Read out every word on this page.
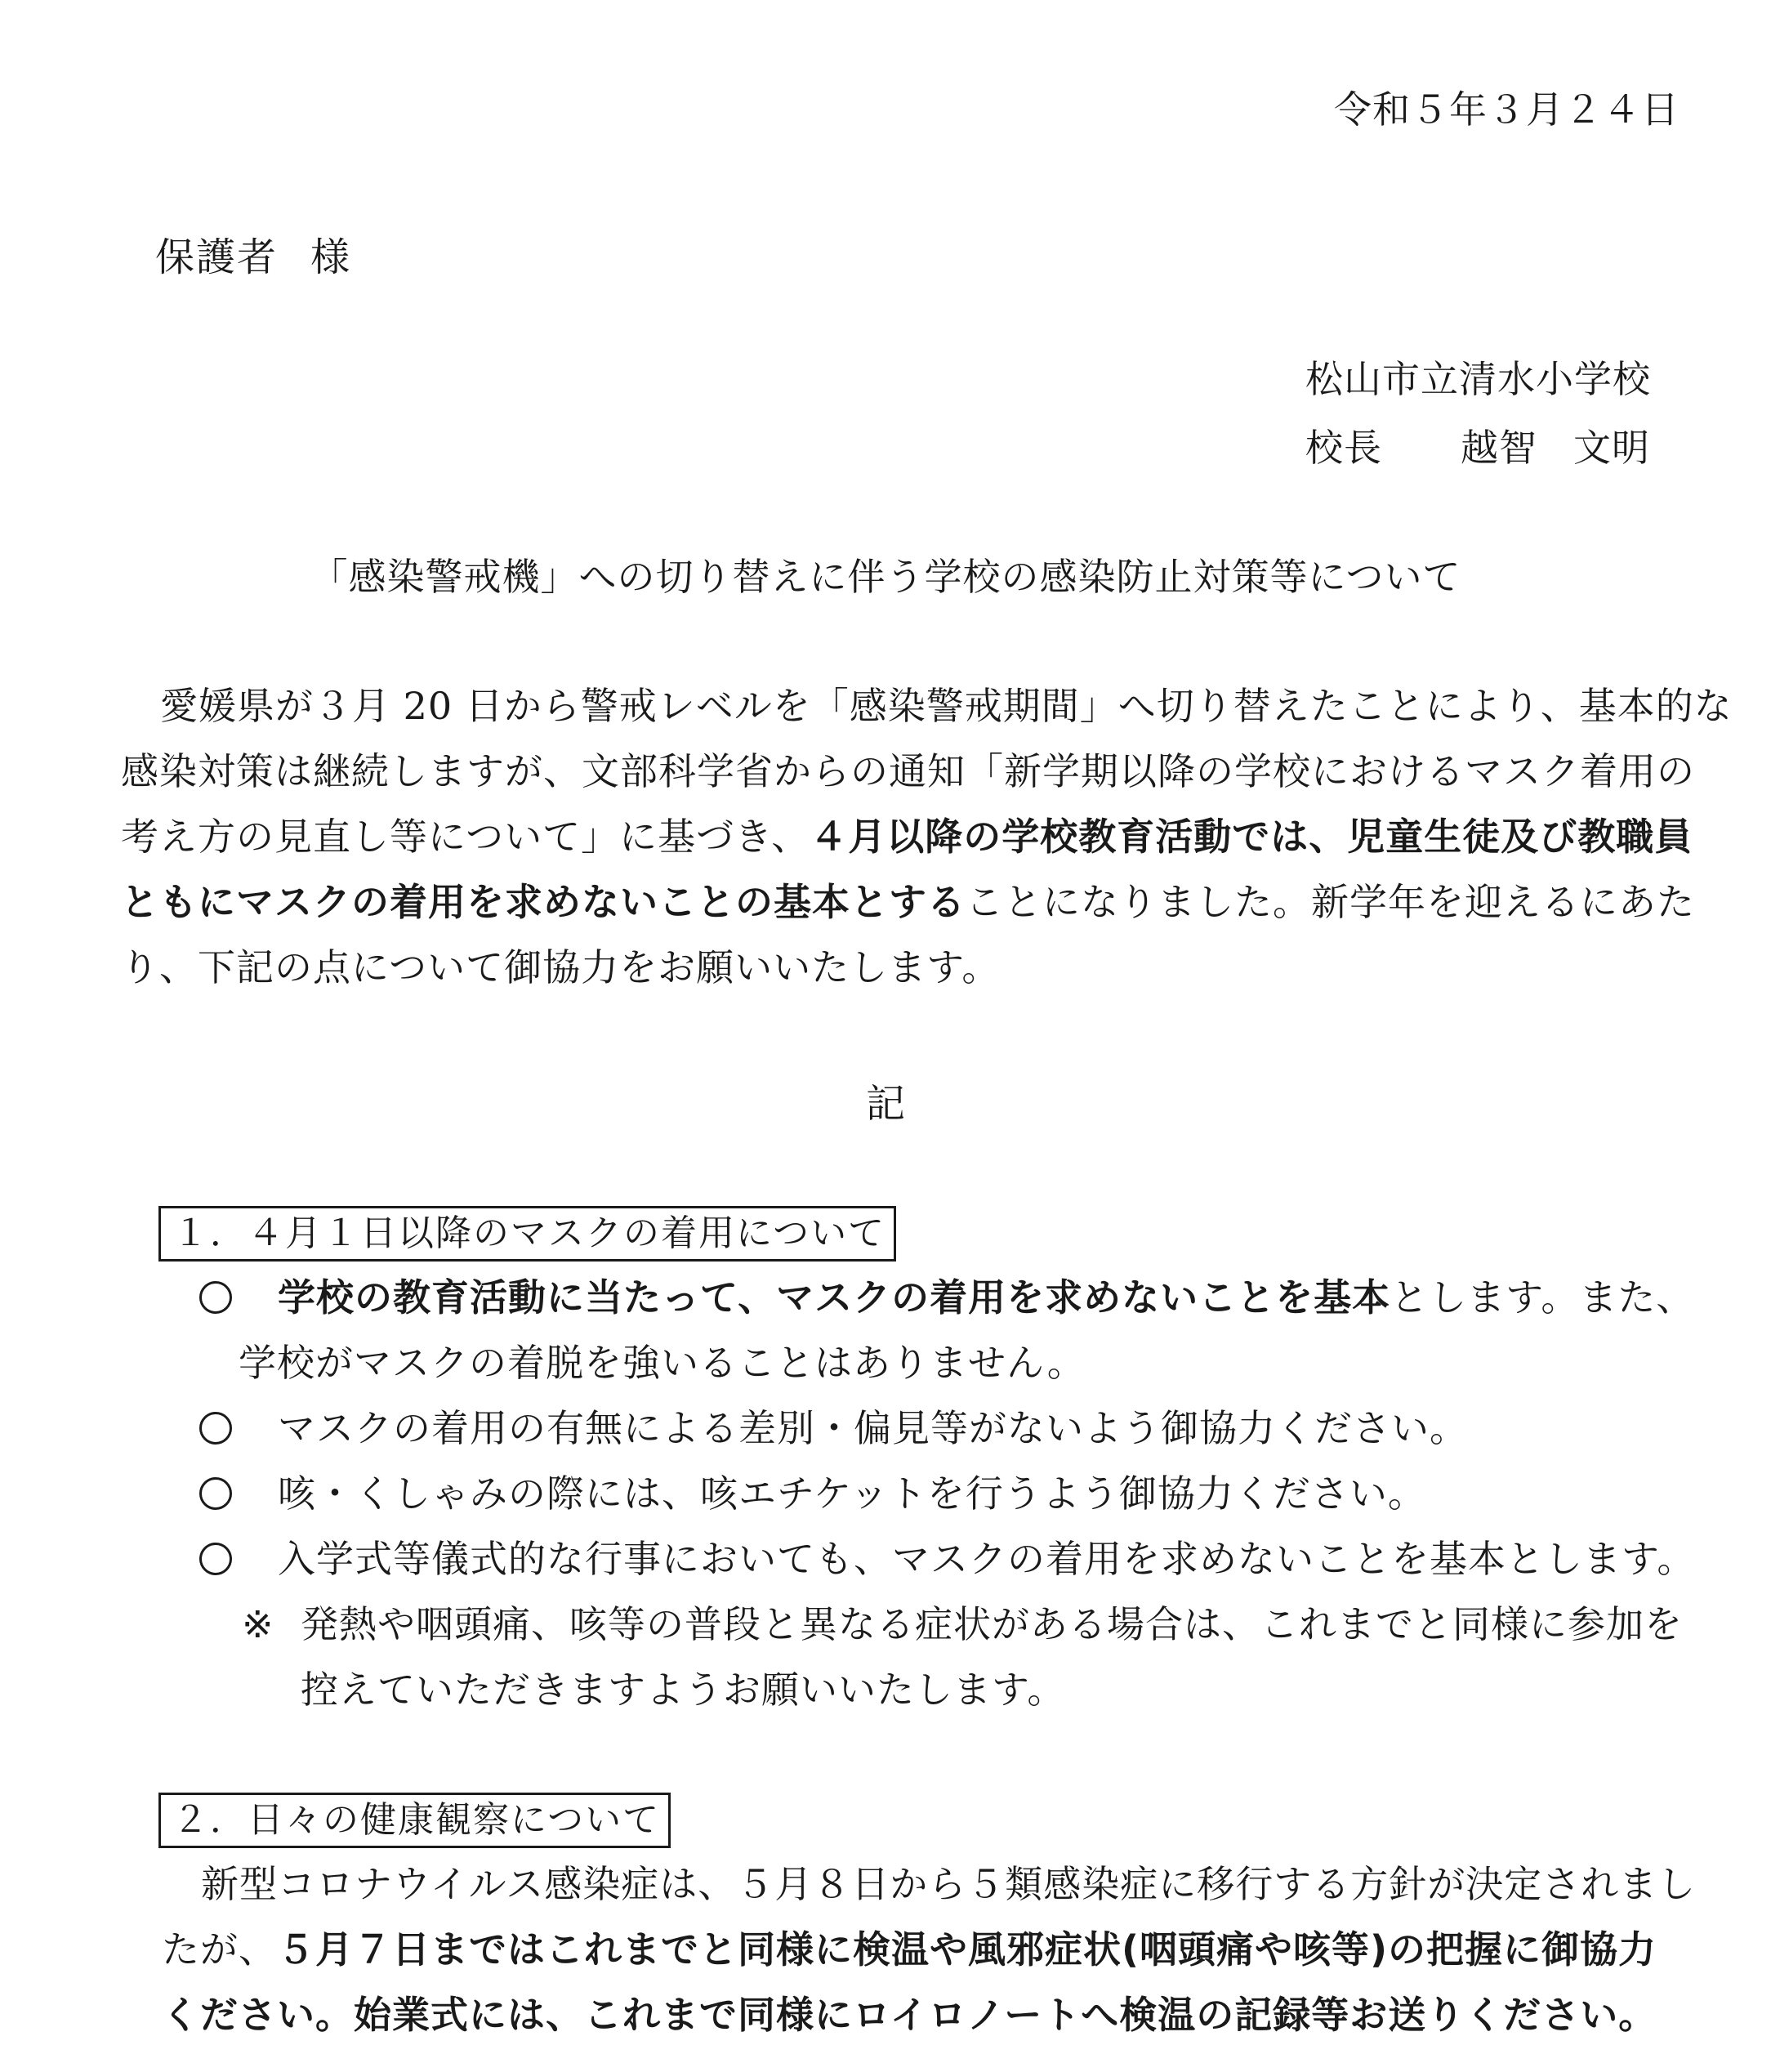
令和５年３月２４日
保護者 様
松山市立清水小学校
校長 越智 文明
「感染警戒機」への切り替えに伴う学校の感染防止対策等について
愛媛県が３月 20 日から警戒レベルを「感染警戒期間」へ切り替えたことにより、基本的な
感染対策は継続しますが、文部科学省からの通知「新学期以降の学校におけるマスク着用の
考え方の見直し等について」に基づき、４月以降の学校教育活動では、児童生徒及び教職員
ともにマスクの着用を求めないことの基本とすることになりました。新学年を迎えるにあた
り、下記の点について御協力をお願いいたします。
記
１．４月１日以降のマスクの着用について
学校の教育活動に当たって、マスクの着用を求めないことを基本とします。また、
学校がマスクの着脱を強いることはありません。
マスクの着用の有無による差別・偏見等がないよう御協力ください。
咳・くしゃみの際には、咳エチケットを行うよう御協力ください。
入学式等儀式的な行事においても、マスクの着用を求めないことを基本とします。
※ 発熱や咽頭痛、咳等の普段と異なる症状がある場合は、これまでと同様に参加を
控えていただきますようお願いいたします。
２．日々の健康観察について
新型コロナウイルス感染症は、５月８日から５類感染症に移行する方針が決定されまし
たが、５月７日まではこれまでと同様に検温や風邪症状(咽頭痛や咳等)の把握に御協力
ください。始業式には、これまで同様にロイロノートへ検温の記録等お送りください。
